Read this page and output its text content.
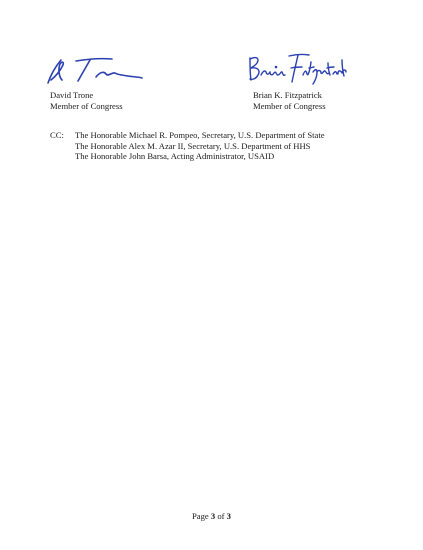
David Trone
Member of Congress
Brian K. Fitzpatrick
Member of Congress
CC: The Honorable Michael R. Pompeo, Secretary, U.S. Department of State
The Honorable Alex M. Azar II, Secretary, U.S. Department of HHS
The Honorable John Barsa, Acting Administrator, USAID
Page 3 of 3
